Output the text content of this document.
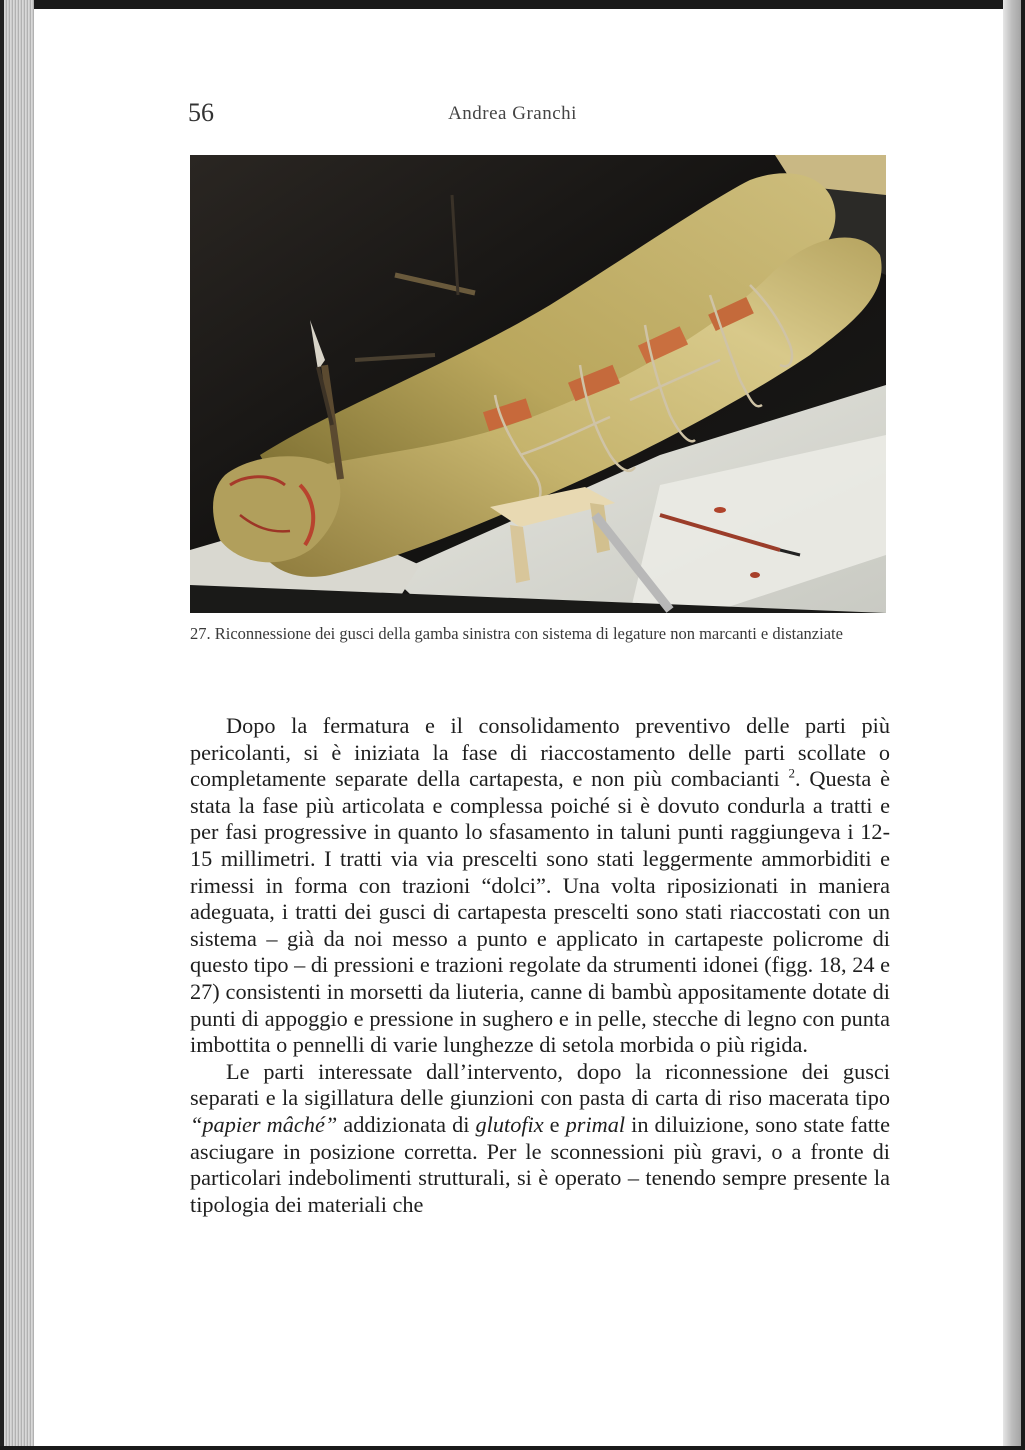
56	Andrea Granchi
27. Riconnessione dei gusci della gamba sinistra con sistema di legature non marcanti e distanziate

Dopo la fermatura e il consolidamento preventivo delle parti più pericolanti, si è iniziata la fase di riaccostamento delle parti scollate o completamente separate della cartapesta, e non più combacianti $^2$. Questa è stata la fase più articolata e complessa poiché si è dovuto condurla a tratti e per fasi progressive in quanto lo sfasamento in taluni punti raggiungeva i 12-15 millimetri. I tratti via via prescelti sono stati leggermente ammorbiditi e rimessi in forma con trazioni “dolci”. Una volta riposizionati in maniera adeguata, i tratti dei gusci di cartapesta prescelti sono stati riaccostati con un sistema – già da noi messo a punto e applicato in cartapeste policrome di questo tipo – di pressioni e trazioni regolate da strumenti idonei (figg. 18, 24 e 27) consistenti in morsetti da liuteria, canne di bambù appositamente dotate di punti di appoggio e pressione in sughero e in pelle, stecche di legno con punta imbottita o pennelli di varie lunghezze di setola morbida o più rigida.

Le parti interessate dall’intervento, dopo la riconnessione dei gusci separati e la sigillatura delle giunzioni con pasta di carta di riso macerata tipo “papier mâché” addizionata di glutofix e primal in diluizione, sono state fatte asciugare in posizione corretta. Per le sconnessioni più gravi, o a fronte di particolari indebolimenti strutturali, si è operato – tenendo sempre presente la tipologia dei materiali che
